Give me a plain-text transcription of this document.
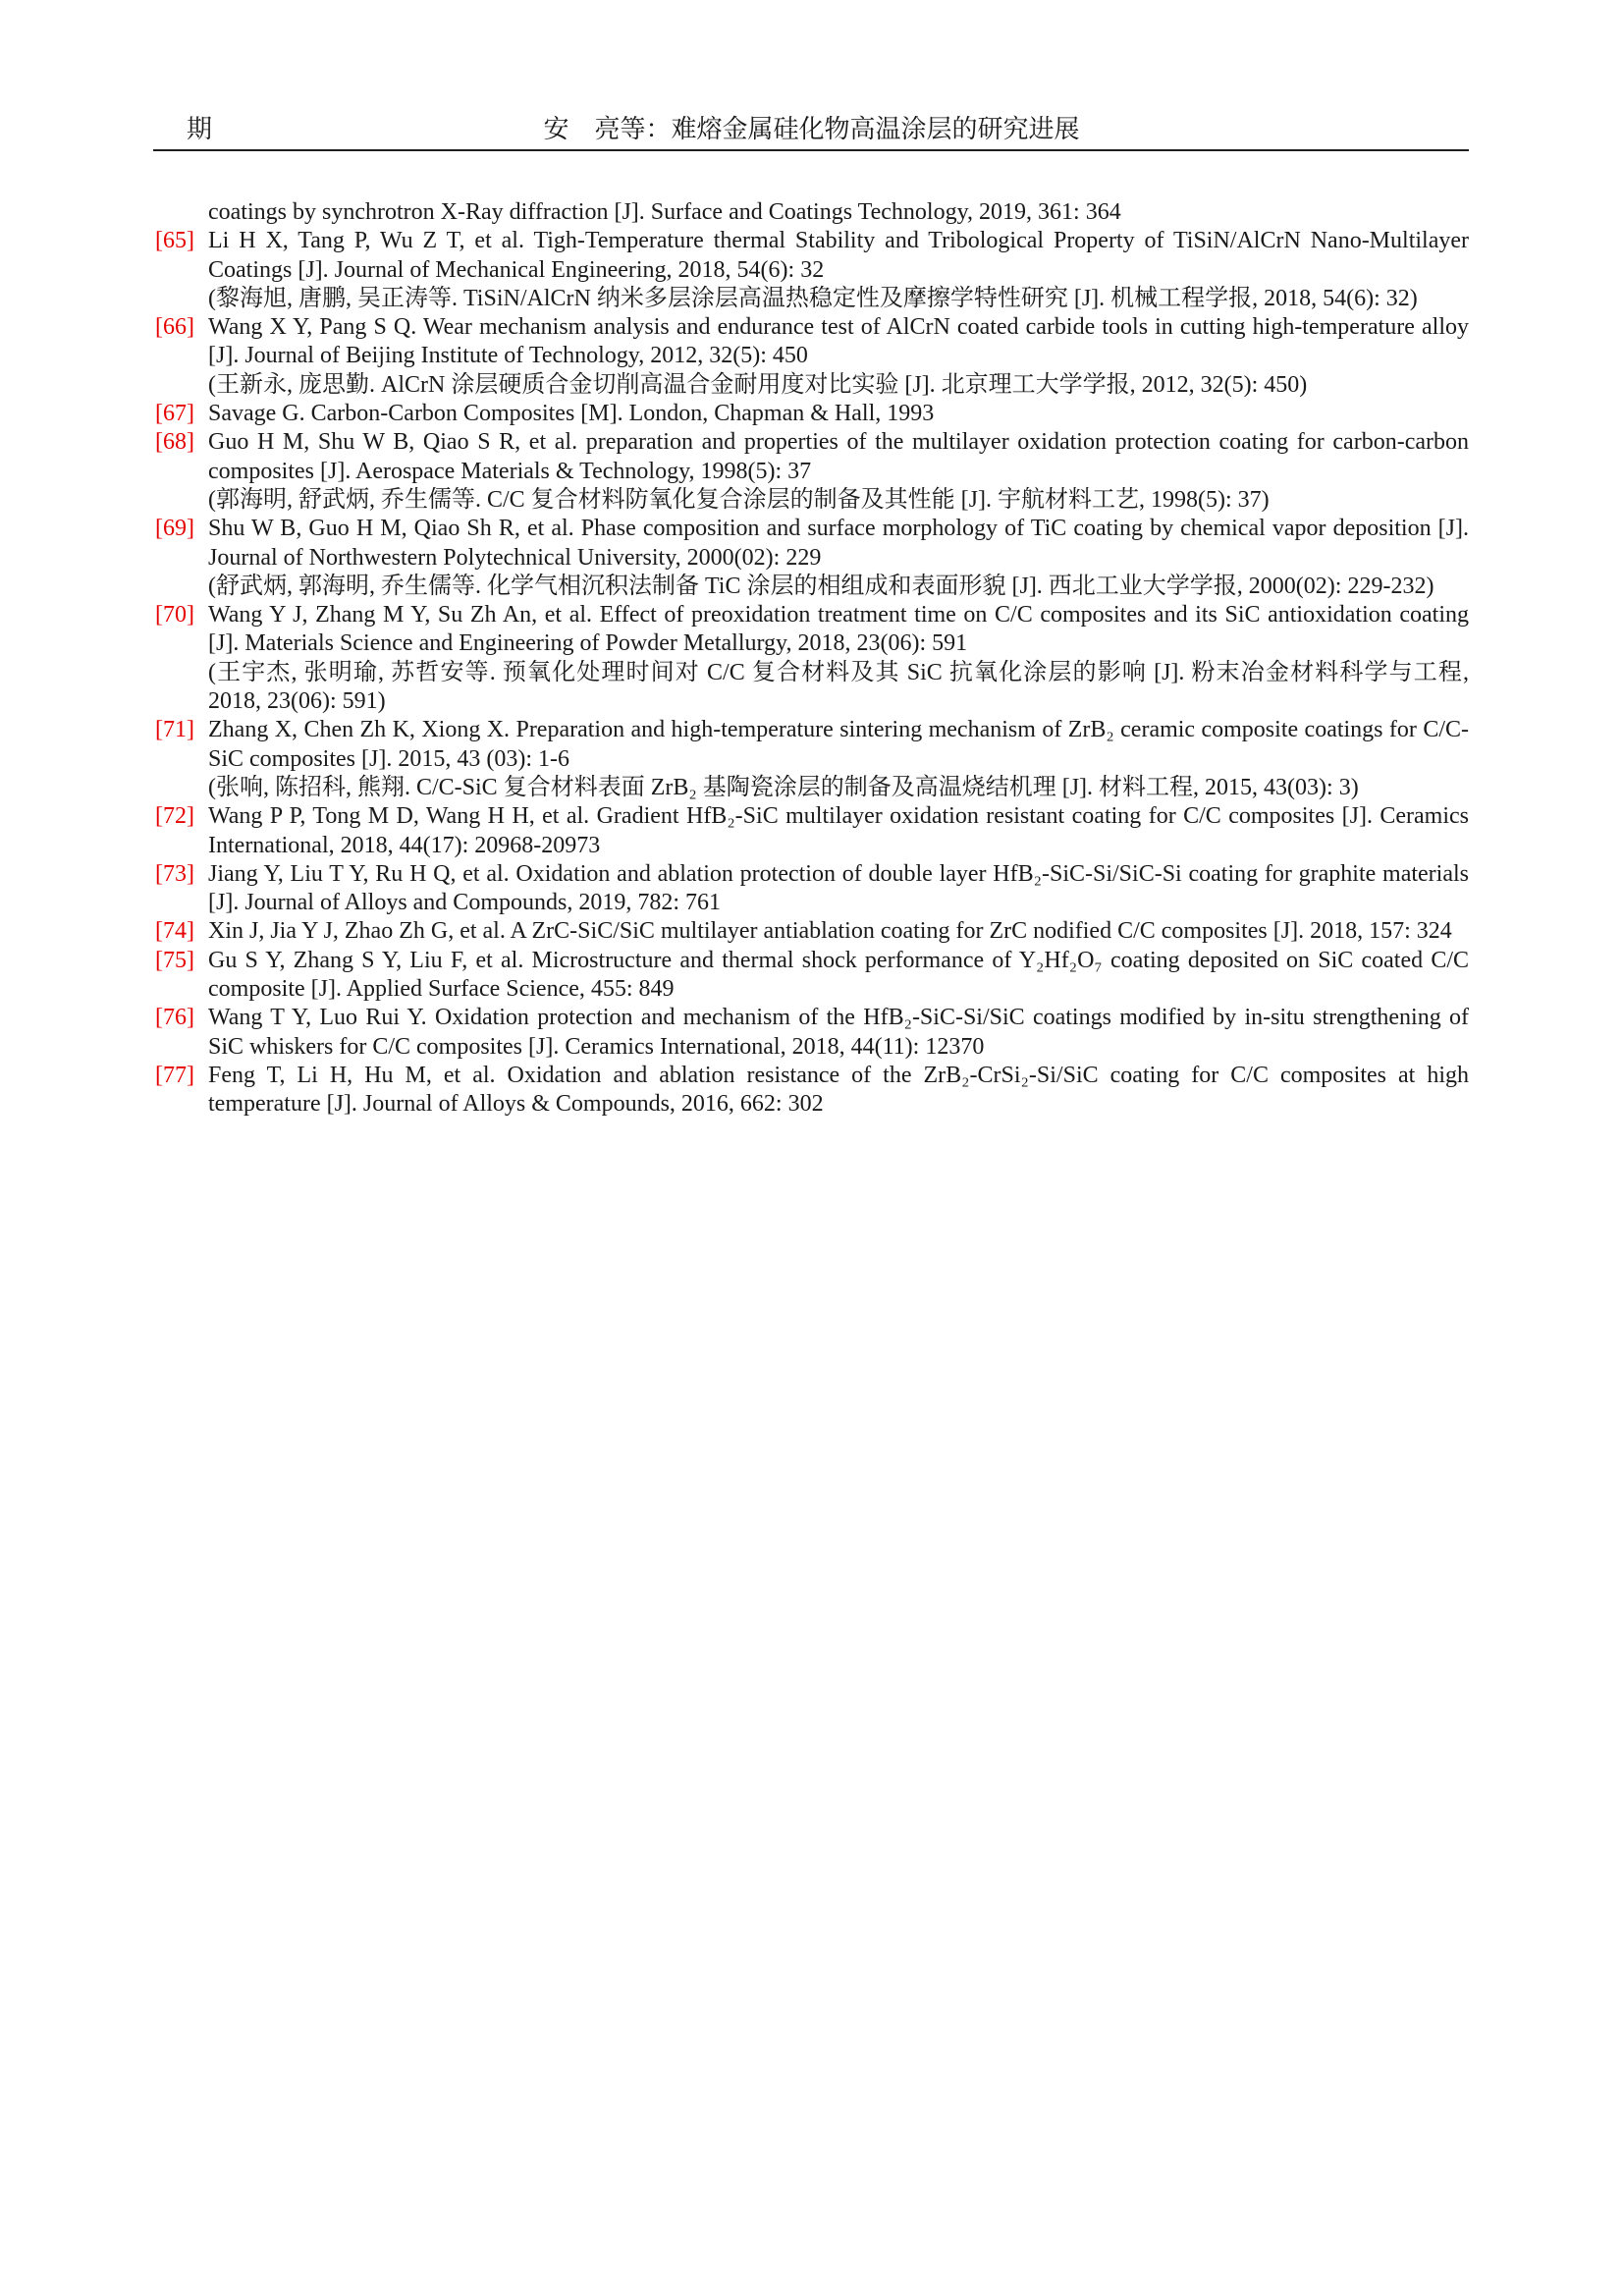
期	安　亮等：难熔金属硅化物高温涂层的研究进展

coatings by synchrotron X-Ray diffraction [J]. Surface and Coatings Technology, 2019, 361: 364

[65] Li H X, Tang P, Wu Z T, et al. Tigh-Temperature thermal Stability and Tribological Property of TiSiN/AlCrN Nano-Multilayer Coatings [J]. Journal of Mechanical Engineering, 2018, 54(6): 32

(黎海旭, 唐鹏, 吴正涛等. TiSiN/AlCrN 纳米多层涂层高温热稳定性及摩擦学特性研究 [J]. 机械工程学报, 2018, 54(6): 32)

[66] Wang X Y, Pang S Q. Wear mechanism analysis and endurance test of AlCrN coated carbide tools in cutting high-temperature alloy [J]. Journal of Beijing Institute of Technology, 2012, 32(5): 450

(王新永, 庞思勤. AlCrN 涂层硬质合金切削高温合金耐用度对比实验 [J]. 北京理工大学学报, 2012, 32(5): 450)

[67] Savage G. Carbon-Carbon Composites [M]. London, Chapman & Hall, 1993

[68] Guo H M, Shu W B, Qiao S R, et al. preparation and properties of the multilayer oxidation protection coating for carbon-carbon composites [J]. Aerospace Materials & Technology, 1998(5): 37

(郭海明, 舒武炳, 乔生儒等. C/C 复合材料防氧化复合涂层的制备及其性能 [J]. 宇航材料工艺, 1998(5): 37)

[69] Shu W B, Guo H M, Qiao Sh R, et al. Phase composition and surface morphology of TiC coating by chemical vapor deposition [J]. Journal of Northwestern Polytechnical University, 2000(02): 229

(舒武炳, 郭海明, 乔生儒等. 化学气相沉积法制备 TiC 涂层的相组成和表面形貌 [J]. 西北工业大学学报, 2000(02): 229-232)

[70] Wang Y J, Zhang M Y, Su Zh An, et al. Effect of preoxidation treatment time on C/C composites and its SiC antioxidation coating [J]. Materials Science and Engineering of Powder Metallurgy, 2018, 23(06): 591

(王宇杰, 张明瑜, 苏哲安等. 预氧化处理时间对 C/C 复合材料及其 SiC 抗氧化涂层的影响 [J]. 粉末冶金材料科学与工程, 2018, 23(06): 591)

[71] Zhang X, Chen Zh K, Xiong X. Preparation and high-temperature sintering mechanism of ZrB₂ ceramic composite coatings for C/C-SiC composites [J]. 2015, 43 (03): 1-6

(张响, 陈招科, 熊翔. C/C-SiC 复合材料表面 ZrB₂ 基陶瓷涂层的制备及高温烧结机理 [J]. 材料工程, 2015, 43(03): 3)

[72] Wang P P, Tong M D, Wang H H, et al. Gradient HfB₂-SiC multilayer oxidation resistant coating for C/C composites [J]. Ceramics International, 2018, 44(17): 20968-20973

[73] Jiang Y, Liu T Y, Ru H Q, et al. Oxidation and ablation protection of double layer HfB₂-SiC-Si/SiC-Si coating for graphite materials [J]. Journal of Alloys and Compounds, 2019, 782: 761

[74] Xin J, Jia Y J, Zhao Zh G, et al. A ZrC-SiC/SiC multilayer antiablation coating for ZrC nodified C/C composites [J]. 2018, 157: 324

[75] Gu S Y, Zhang S Y, Liu F, et al. Microstructure and thermal shock performance of Y₂Hf₂O₇ coating deposited on SiC coated C/C composite [J]. Applied Surface Science, 455: 849

[76] Wang T Y, Luo Rui Y. Oxidation protection and mechanism of the HfB₂-SiC-Si/SiC coatings modified by in-situ strengthening of SiC whiskers for C/C composites [J]. Ceramics International, 2018, 44(11): 12370

[77] Feng T, Li H, Hu M, et al. Oxidation and ablation resistance of the ZrB₂-CrSi₂-Si/SiC coating for C/C composites at high temperature [J]. Journal of Alloys & Compounds, 2016, 662: 302
